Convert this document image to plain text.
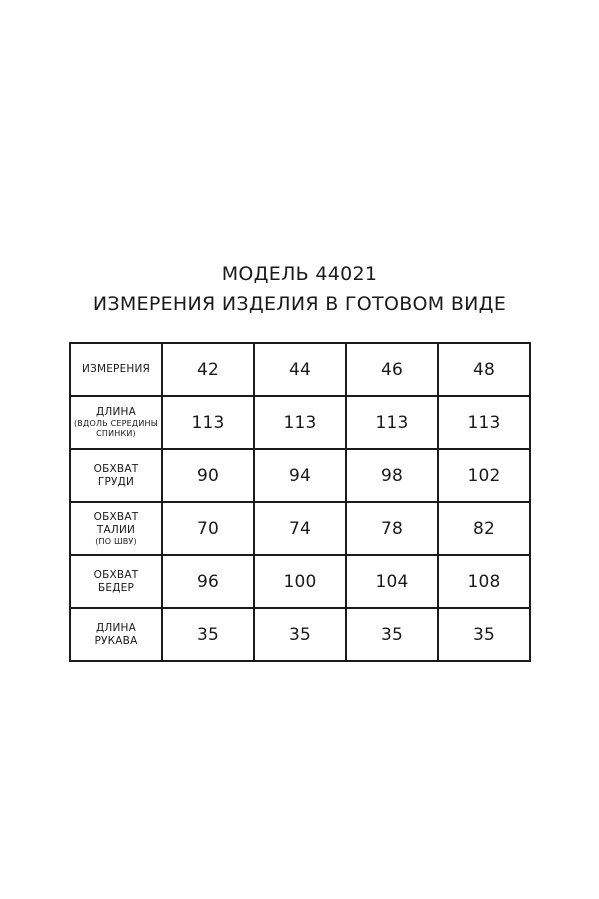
МОДЕЛЬ 44021
ИЗМЕРЕНИЯ ИЗДЕЛИЯ В ГОТОВОМ ВИДЕ
ИЗМЕРЕНИЯ	42	44	46	48

ДЛИНА
(ВДОЛЬ СЕРЕДИНЫ
СПИНКИ)	113	113	113	113

ОБХВАТ
ГРУДИ	90	94	98	102

ОБХВАТ
ТАЛИИ
(ПО ШВУ)	70	74	78	82

ОБХВАТ
БЕДЕР	96	100	104	108

ДЛИНА
РУКАВА	35	35	35	35
